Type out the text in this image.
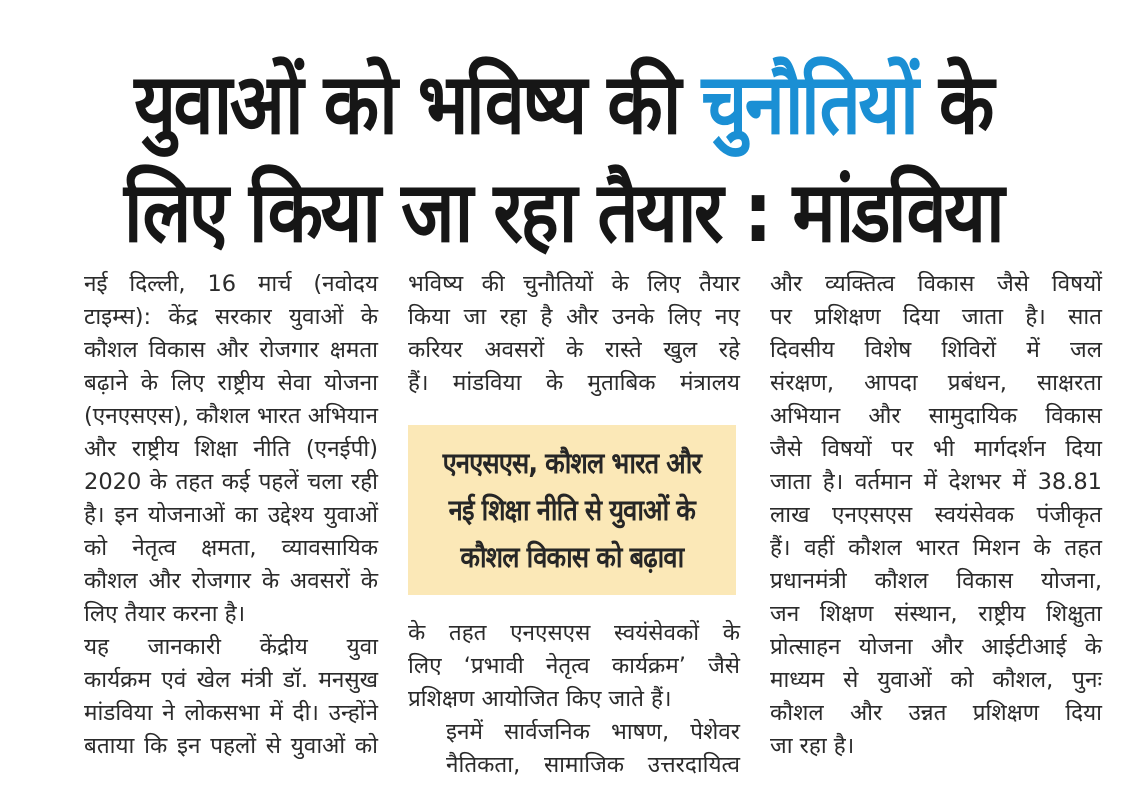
युवाओं को भविष्य की चुनौतियों के
लिए किया जा रहा तैयार : मांडविया

नई दिल्ली, 16 मार्च (नवोदय
टाइम्स): केंद्र सरकार युवाओं के
कौशल विकास और रोजगार क्षमता
बढ़ाने के लिए राष्ट्रीय सेवा योजना
(एनएसएस), कौशल भारत अभियान
और राष्ट्रीय शिक्षा नीति (एनईपी)
2020 के तहत कई पहलें चला रही
है। इन योजनाओं का उद्देश्य युवाओं
को नेतृत्व क्षमता, व्यावसायिक
कौशल और रोजगार के अवसरों के
लिए तैयार करना है।

यह जानकारी केंद्रीय युवा
कार्यक्रम एवं खेल मंत्री डॉ. मनसुख
मांडविया ने लोकसभा में दी। उन्होंने
बताया कि इन पहलों से युवाओं को

भविष्य की चुनौतियों के लिए तैयार
किया जा रहा है और उनके लिए नए
करियर अवसरों के रास्ते खुल रहे
हैं। मांडविया के मुताबिक मंत्रालय

एनएसएस, कौशल भारत और
नई शिक्षा नीति से युवाओं के
कौशल विकास को बढ़ावा

के तहत एनएसएस स्वयंसेवकों के
लिए ‘प्रभावी नेतृत्व कार्यक्रम’ जैसे
प्रशिक्षण आयोजित किए जाते हैं।

इनमें सार्वजनिक भाषण, पेशेवर
नैतिकता, सामाजिक उत्तरदायित्व

और व्यक्तित्व विकास जैसे विषयों
पर प्रशिक्षण दिया जाता है। सात
दिवसीय विशेष शिविरों में जल
संरक्षण, आपदा प्रबंधन, साक्षरता
अभियान और सामुदायिक विकास
जैसे विषयों पर भी मार्गदर्शन दिया
जाता है। वर्तमान में देशभर में 38.81
लाख एनएसएस स्वयंसेवक पंजीकृत
हैं। वहीं कौशल भारत मिशन के तहत
प्रधानमंत्री कौशल विकास योजना,
जन शिक्षण संस्थान, राष्ट्रीय शिक्षुता
प्रोत्साहन योजना और आईटीआई के
माध्यम से युवाओं को कौशल, पुनः
कौशल और उन्नत प्रशिक्षण दिया
जा रहा है।
